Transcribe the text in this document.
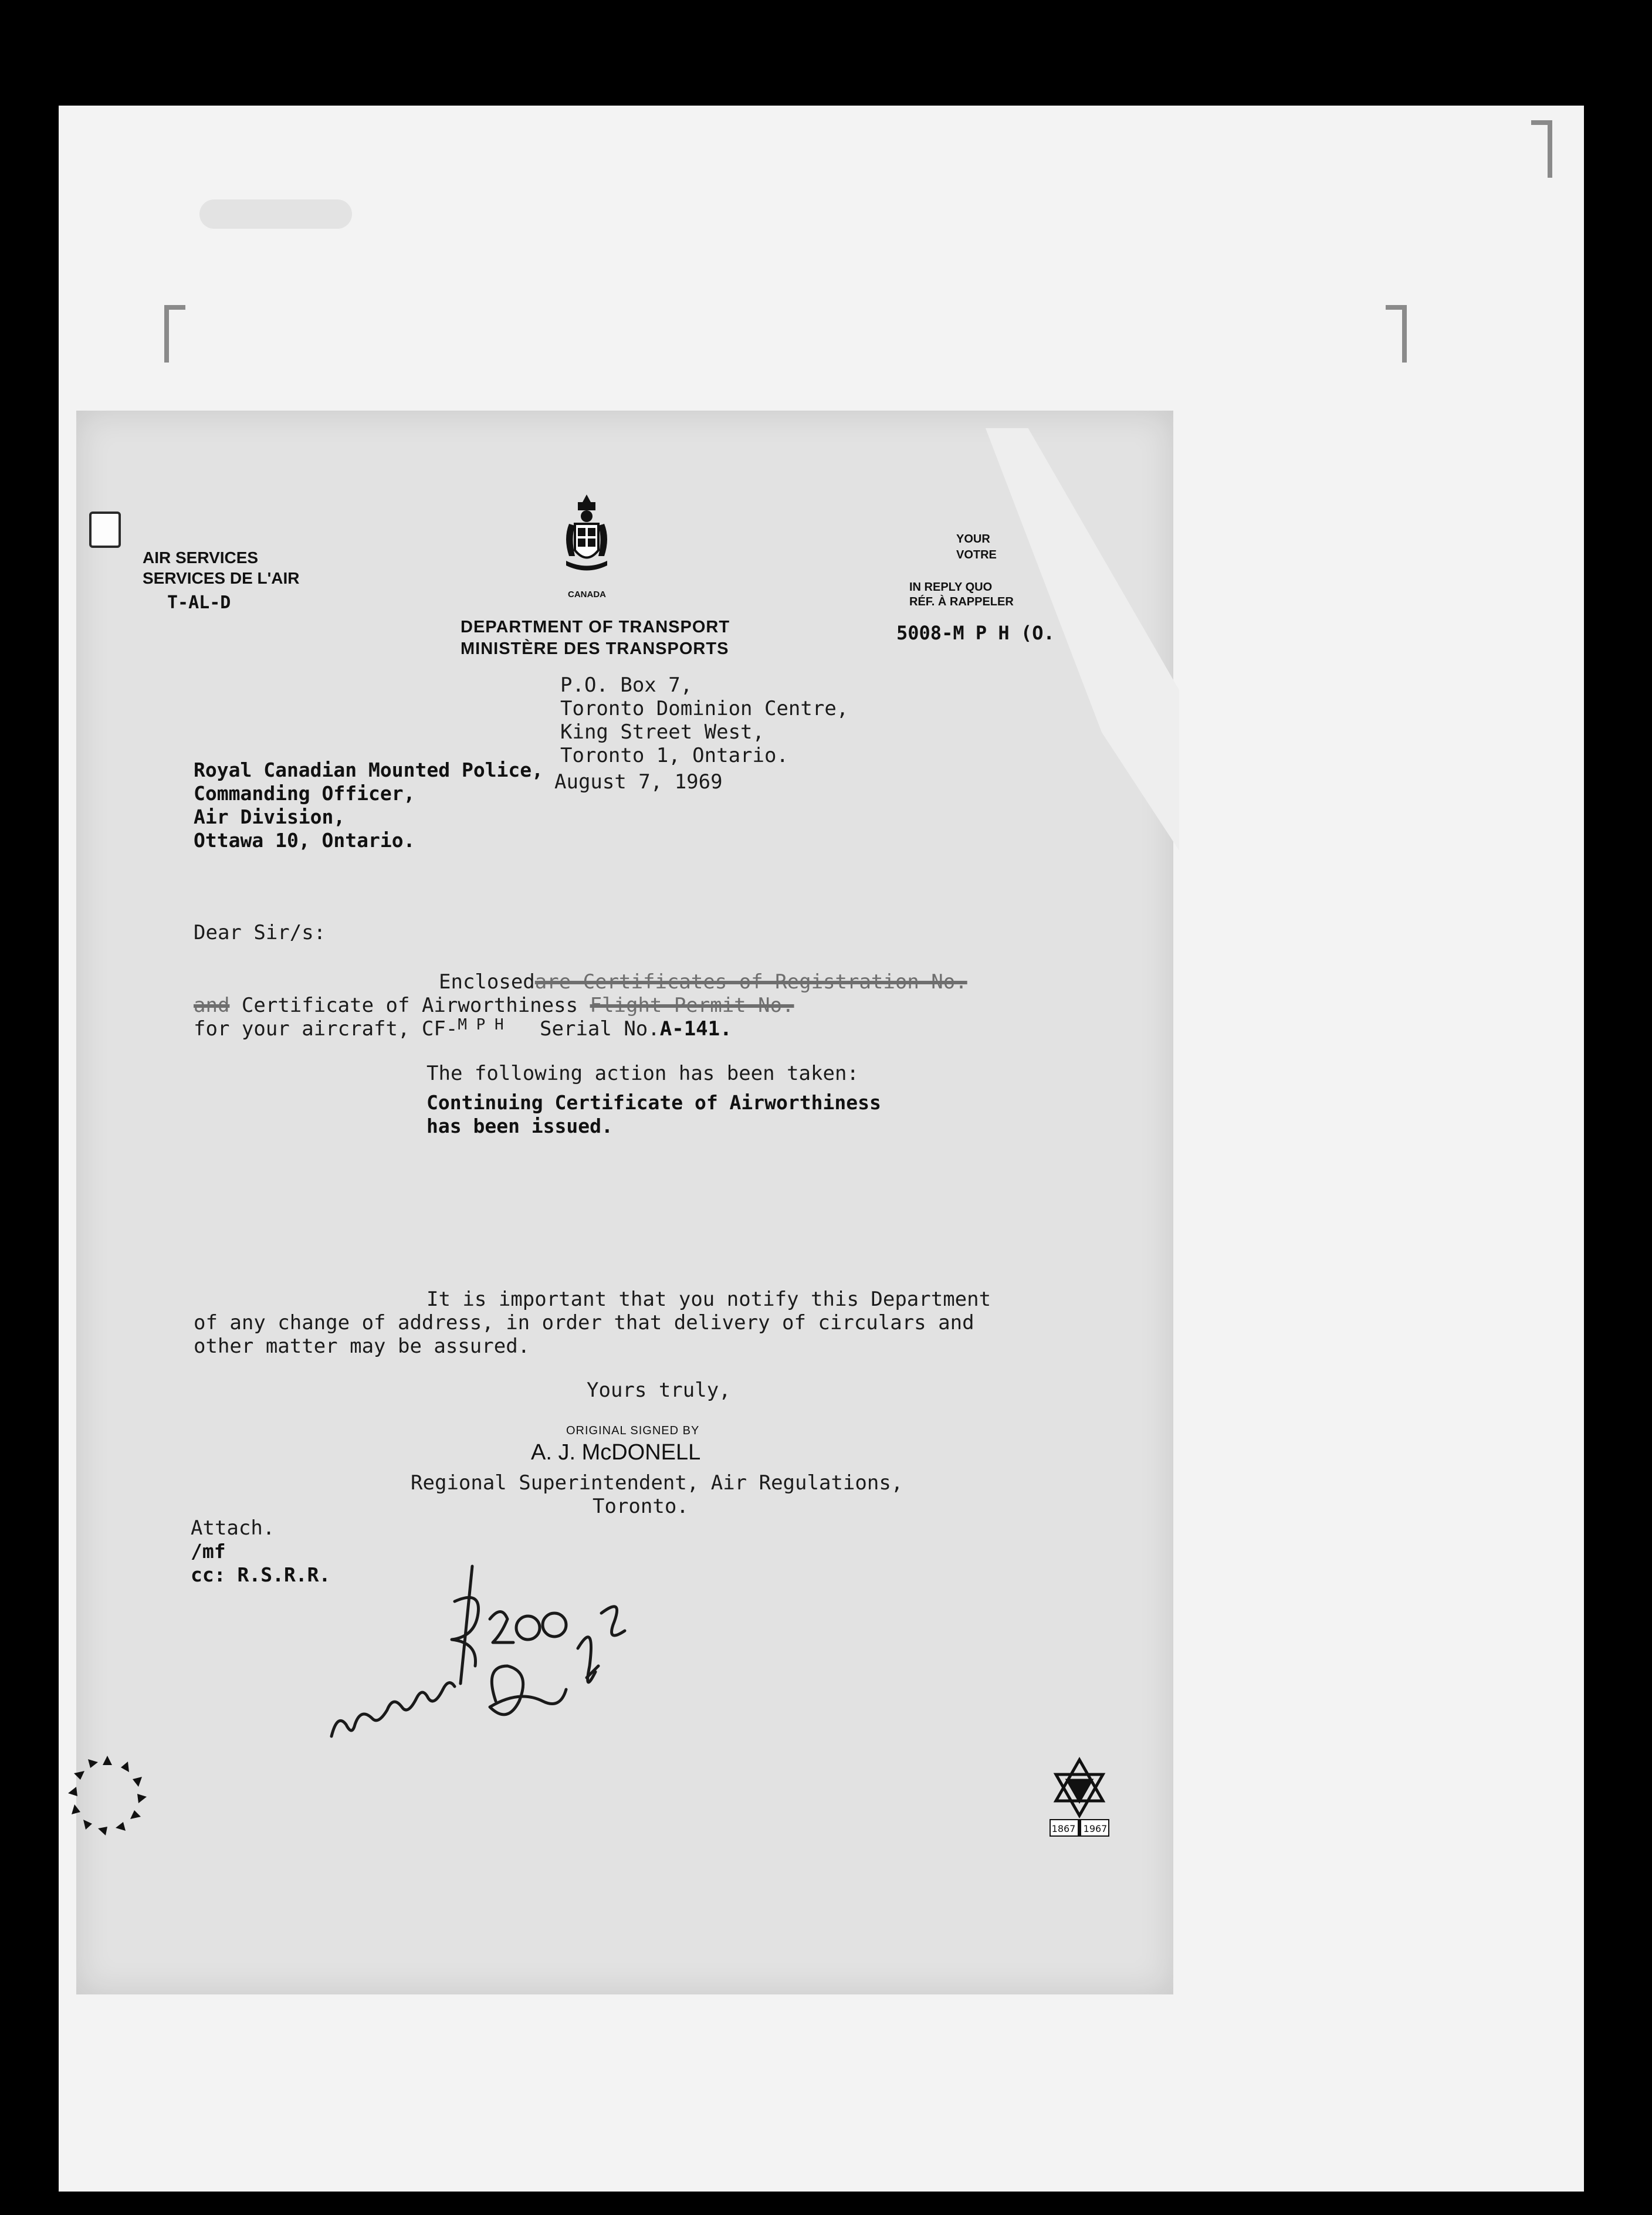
AIR SERVICES
SERVICES DE L'AIR
T-AL-D	CANADA
DEPARTMENT OF TRANSPORT
MINISTÈRE DES TRANSPORTS
YOUR
VOTRE
IN REPLY QUO
RÉF. À RAPPELER
5008-M P H (O.
P.O. Box 7,
Toronto Dominion Centre,
King Street West,
Toronto 1, Ontario.
August 7, 1969
Royal Canadian Mounted Police,
Commanding Officer,
Air Division,
Ottawa 10, Ontario.
Dear Sir/s:
Enclosedare Certificates of Registration No.
and Certificate of Airworthiness Flight Permit No.
for your aircraft, CF-$^{M P H}$ Serial No.A-141.
The following action has been taken:
Continuing Certificate of Airworthiness
has been issued.
It is important that you notify this Department
of any change of address, in order that delivery of circulars and
other matter may be assured.
Yours truly,
ORIGINAL SIGNED BY
A. J. McDONELL
Regional Superintendent, Air Regulations,
Toronto.
Attach.
/mf
cc: R.S.R.R.
1867 1967
